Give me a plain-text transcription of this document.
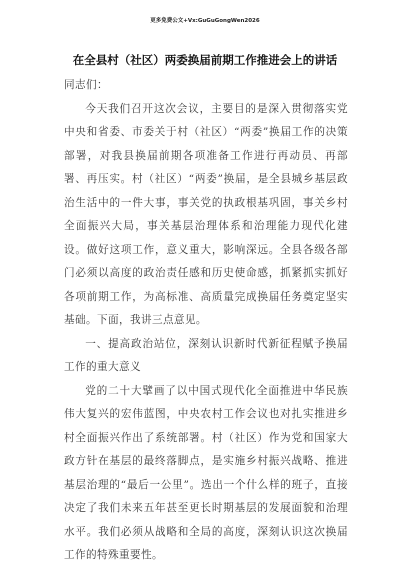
更多免费公文+Vx:GuGuGongWen2026
在全县村（社区）两委换届前期工作推进会上的讲话

同志们：

今天我们召开这次会议，主要目的是深入贯彻落实党中央和省委、市委关于村（社区）“两委”换届工作的决策部署，对我县换届前期各项准备工作进行再动员、再部署、再压实。村（社区）“两委”换届，是全县城乡基层政治生活中的一件大事，事关党的执政根基巩固，事关乡村全面振兴大局，事关基层治理体系和治理能力现代化建设。做好这项工作，意义重大，影响深远。全县各级各部门必须以高度的政治责任感和历史使命感，抓紧抓实抓好各项前期工作，为高标准、高质量完成换届任务奠定坚实基础。下面，我讲三点意见。

一、提高政治站位，深刻认识新时代新征程赋予换届工作的重大意义

党的二十大擘画了以中国式现代化全面推进中华民族伟大复兴的宏伟蓝图，中央农村工作会议也对扎实推进乡村全面振兴作出了系统部署。村（社区）作为党和国家大政方针在基层的最终落脚点，是实施乡村振兴战略、推进基层治理的“最后一公里”。选出一个什么样的班子，直接决定了我们未来五年甚至更长时期基层的发展面貌和治理水平。我们必须从战略和全局的高度，深刻认识这次换届工作的特殊重要性。
